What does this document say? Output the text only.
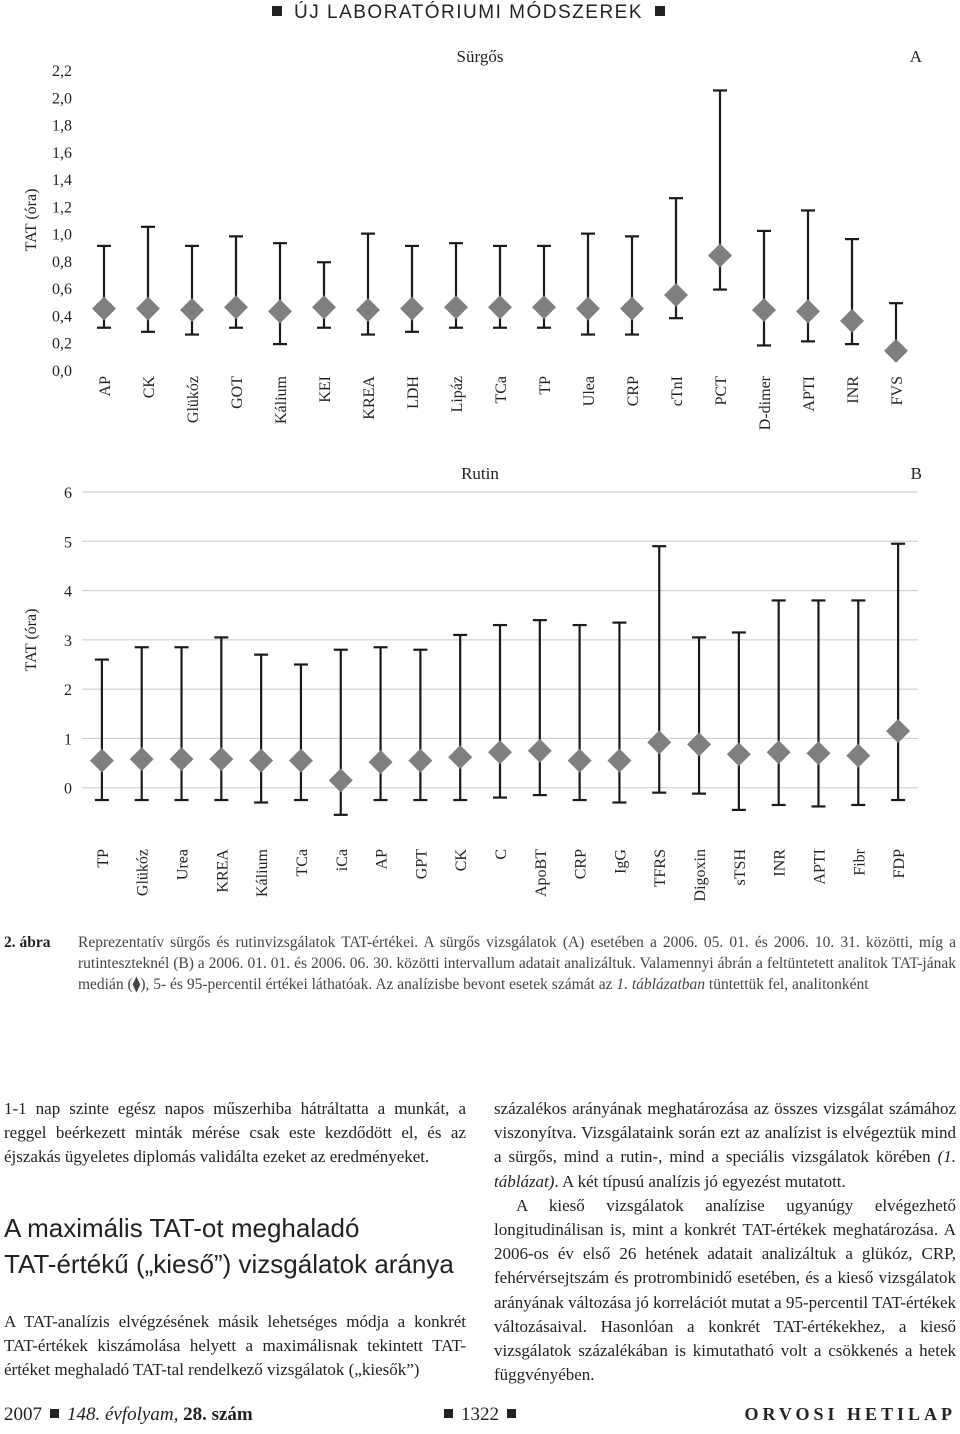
ÚJ LABORATÓRIUMI MÓDSZEREK
2,2
2,0
1,8
1,6
1,4
1,2
1,0
0,8
0,6
0,4
0,2
0,0
TAT (óra)
Sürgős	A
AP CK Glükóz GOT Kálium KEI KREA LDH Lipáz TCa TP Ulea CRP cTnI PCT D-dimer APTI INR FVS
6
5
4
3
2
1
0
TAT (óra)
Rutin	B
TP Glükóz Urea KREA Kálium TCa iCa AP GPT CK C ApoBT CRP IgG TFRS Digoxin sTSH INR APTI Fibr FDP
2. ábra	Reprezentatív sürgős és rutinvizsgálatok TAT-értékei. A sürgős vizsgálatok (A) esetében a 2006. 05. 01. és 2006. 10. 31. közötti, míg a rutinteszteknél (B) a 2006. 01. 01. és 2006. 06. 30. közötti intervallum adatait analizáltuk. Valamennyi ábrán a feltüntetett analitok TAT-jának medián (⧫), 5- és 95-percentil értékei láthatóak. Az analízisbe bevont esetek számát az 1. táblázatban tüntettük fel, analitonként

1-1 nap szinte egész napos műszerhiba hátráltatta a munkát, a reggel beérkezett minták mérése csak este kezdődött el, és az éjszakás ügyeletes diplomás validálta ezeket az eredményeket.

A maximális TAT-ot meghaladó
TAT-értékű („kieső”) vizsgálatok aránya

A TAT-analízis elvégzésének másik lehetséges módja a konkrét TAT-értékek kiszámolása helyett a maximálisnak tekintett TAT-értéket meghaladó TAT-tal rendelkező vizsgálatok („kiesők”)

százalékos arányának meghatározása az összes vizsgálat számához viszonyítva. Vizsgálataink során ezt az analízist is elvégeztük mind a sürgős, mind a rutin-, mind a speciális vizsgálatok körében (1. táblázat). A két típusú analízis jó egyezést mutatott.

A kieső vizsgálatok analízise ugyanúgy elvégezhető longitudinálisan is, mint a konkrét TAT-értékek meghatározása. A 2006-os év első 26 hetének adatait analizáltuk a glükóz, CRP, fehérvérsejtszám és protrombinidő esetében, és a kieső vizsgálatok arányának változása jó korrelációt mutat a 95-percentil TAT-értékek változásaival. Hasonlóan a konkrét TAT-értékekhez, a kieső vizsgálatok százalékában is kimutatható volt a csökkenés a hetek függvényében.

2007 148. évfolyam, 28. szám	1322	ORVOSI HETILAP
